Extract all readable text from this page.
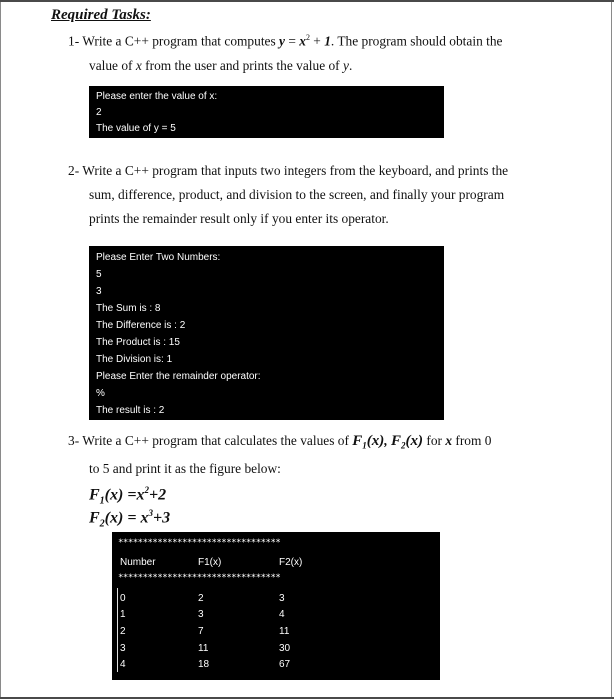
Required Tasks:
1- Write a C++ program that computes $y = x^2 + 1$. The program should obtain the
value of x from the user and prints the value of y.
Please enter the value of x:
2
The value of y = 5
2- Write a C++ program that inputs two integers from the keyboard, and prints the
sum, difference, product, and division to the screen, and finally your program
prints the remainder result only if you enter its operator.
Please Enter Two Numbers:
5
3
The Sum is : 8
The Difference is : 2
The Product is : 15
The Division is: 1
Please Enter the remainder operator:
%
The result is : 2
3- Write a C++ program that calculates the values of $F_1(x)$, $F_2(x)$ for x from 0
to 5 and print it as the figure below:
$F_1(x) =x^2+2$
$F_2(x) = x^3+3$
*********************************
Number	F1(x)	F2(x)
*********************************
0	2	3
1	3	4
2	7	11
3	11	30
4	18	67
